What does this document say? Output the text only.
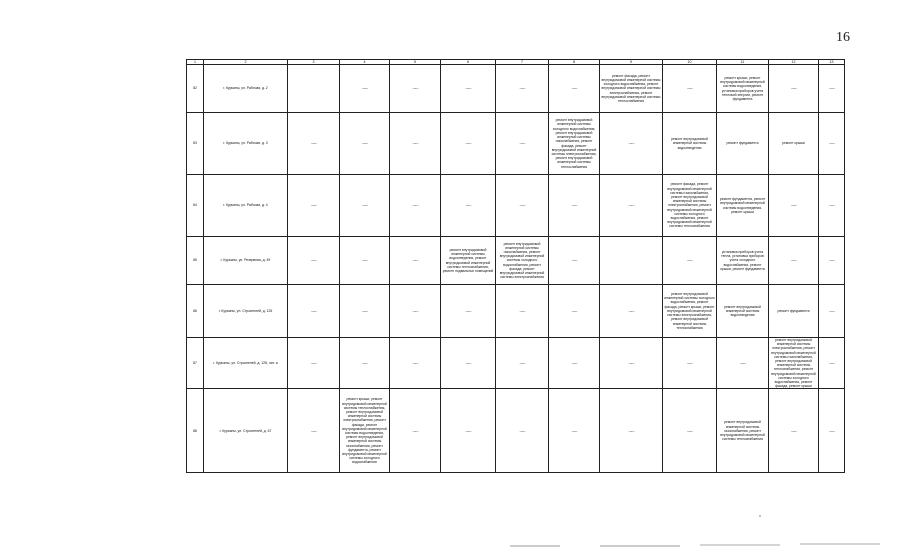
16
1	2	3	4	5	6	7	8	9	10	11	12	13
82	г. Курьяны, ул. Рабочая, д. 2		——	——	——	——	——	ремонт фасада, ремонт внутридомовой инженерной системы холодного водоснабжения, ремонт внутридомовой инженерной системы электроснабжения, ремонт внутридомовой инженерной системы теплоснабжения	——	ремонт крыши, ремонт внутридомовой инженерной системы водоотведения, установка приборов учета тепловой энергии, ремонт фундамента	——	——
83	г. Курьяны, ул. Рабочая, д. 3	——	——	——	——	——	ремонт внутридомовой инженерной системы холодного водоснабжения, ремонт внутридомовой инженерной системы газоснабжения, ремонт фасада, ремонт внутридомовой инженерной системы электроснабжения, ремонт внутридомовой инженерной системы теплоснабжения	——	ремонт внутридомовой инженерной системы водоотведения	ремонт фундамента	ремонт крыши	——
84	г. Курьяны, ул. Рабочая, д. 4	——	——	——	——	——	——	——	ремонт фасада, ремонт внутридомовой инженерной системы газоснабжения, ремонт внутридомовой инженерной системы электроснабжения, ремонт внутридомовой инженерной системы холодного водоснабжения, ремонт внутридомовой инженерной системы теплоснабжения	ремонт фундамента, ремонт внутридомовой инженерной системы водоотведения, ремонт крыши	——	——
85	г. Курьяны, ул. Резервная, д. 49	— —	——	——	ремонт внутридомовой инженерной системы водоотведения, ремонт внутридомовой инженерной системы теплоснабжения, ремонт подвальных помещений	ремонт внутридомовой инженерной системы газоснабжения, ремонт внутридомовой инженерной системы холодного водоснабжения, ремонт фасада, ремонт внутридомовой инженерной системы электроснабжения	——		——	установка приборов учета тепла, установка приборов учета холодного водоснабжения, ремонт крыши, ремонт фундамента	——	——
86	г. Курьяны, ул. Строителей, д. 125	——	——	——	——	——	——	——	ремонт внутридомовой инженерной системы холодного водоснабжения, ремонт фасада, ремонт крыши, ремонт внутридомовой инженерной системы электроснабжения, ремонт внутридомовой инженерной системы теплоснабжения	ремонт внутридомовой инженерной системы водоотведения	ремонт фундамента	——
87	г. Курьяны, ул. Строителей, д. 128, лит. а	——	——	——	——	——	——	——	——	——	ремонт внутридомовой инженерной системы электроснабжения, ремонт внутридомовой инженерной системы газоснабжения, ремонт внутридомовой инженерной системы теплоснабжения, ремонт внутридомовой инженерной системы холодного водоснабжения, ремонт фасада, ремонт крыши	——
88	г. Курьяны, ул. Строителей, д. 67	——	ремонт крыши, ремонт внутридомовой инженерной системы теплоснабжения, ремонт внутридомовой инженерной системы электроснабжения, ремонт фасада, ремонт внутридомовой инженерной системы водоотведения, ремонт внутридомовой инженерной системы газоснабжения, ремонт фундамента, ремонт внутридомовой инженерной системы холодного водоснабжения	——	——	——	——	——	——	ремонт внутридомовой инженерной системы газоснабжения, ремонт внутридомовой инженерной системы теплоснабжения	——	——
